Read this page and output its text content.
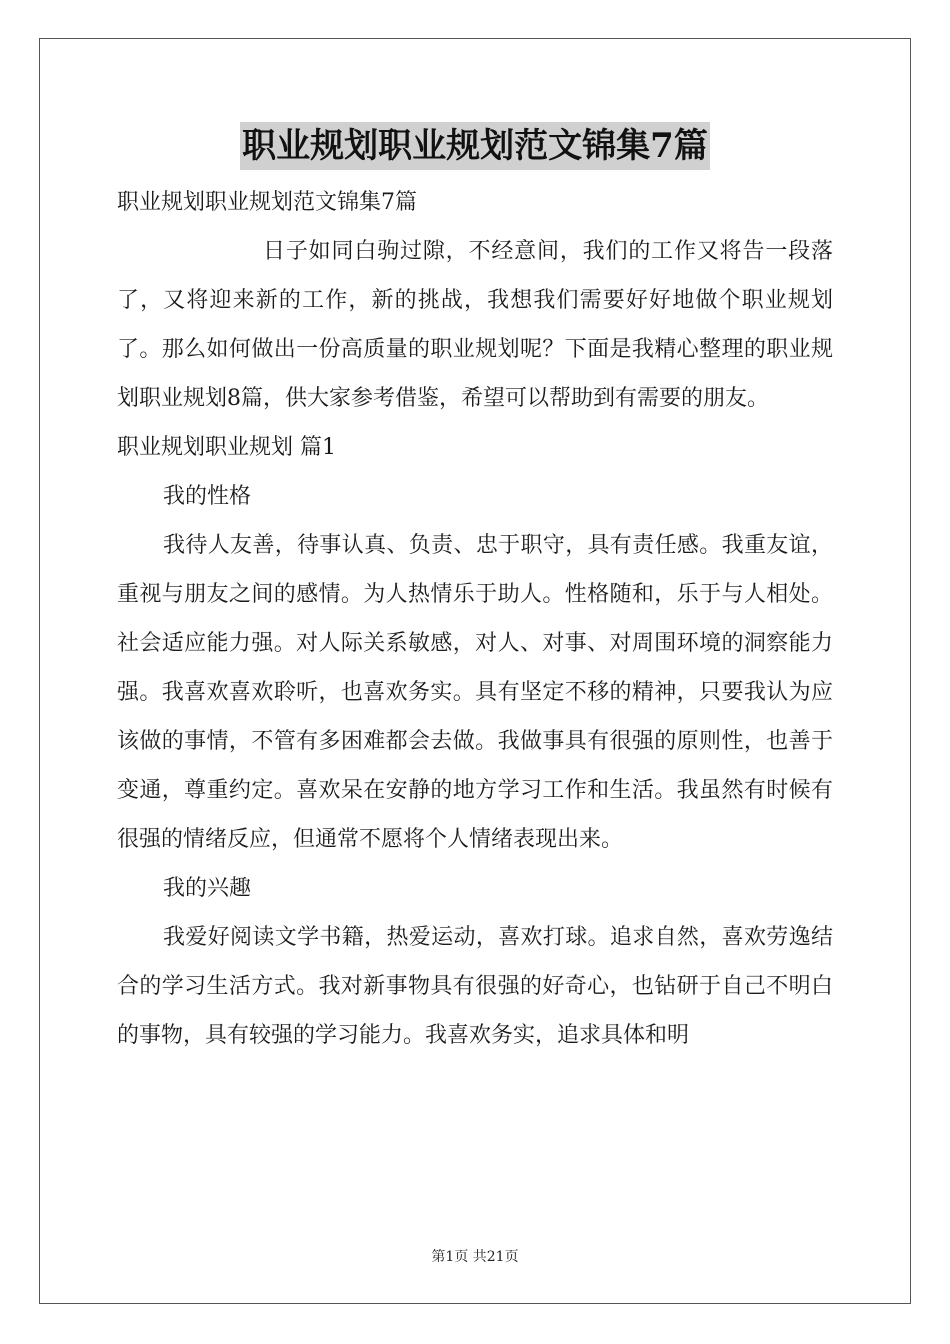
职业规划职业规划范文锦集7篇

职业规划职业规划范文锦集7篇

日子如同白驹过隙，不经意间，我们的工作又将告一段落了，又将迎来新的工作，新的挑战，我想我们需要好好地做个职业规划了。那么如何做出一份高质量的职业规划呢？下面是我精心整理的职业规划职业规划8篇，供大家参考借鉴，希望可以帮助到有需要的朋友。

职业规划职业规划 篇1

我的性格

我待人友善，待事认真、负责、忠于职守，具有责任感。我重友谊，重视与朋友之间的感情。为人热情乐于助人。性格随和，乐于与人相处。社会适应能力强。对人际关系敏感，对人、对事、对周围环境的洞察能力强。我喜欢喜欢聆听，也喜欢务实。具有坚定不移的精神，只要我认为应该做的事情，不管有多困难都会去做。我做事具有很强的原则性，也善于变通，尊重约定。喜欢呆在安静的地方学习工作和生活。我虽然有时候有很强的情绪反应，但通常不愿将个人情绪表现出来。

我的兴趣

我爱好阅读文学书籍，热爱运动，喜欢打球。追求自然，喜欢劳逸结合的学习生活方式。我对新事物具有很强的好奇心，也钻研于自己不明白的事物，具有较强的学习能力。我喜欢务实，追求具体和明

第1页 共21页
